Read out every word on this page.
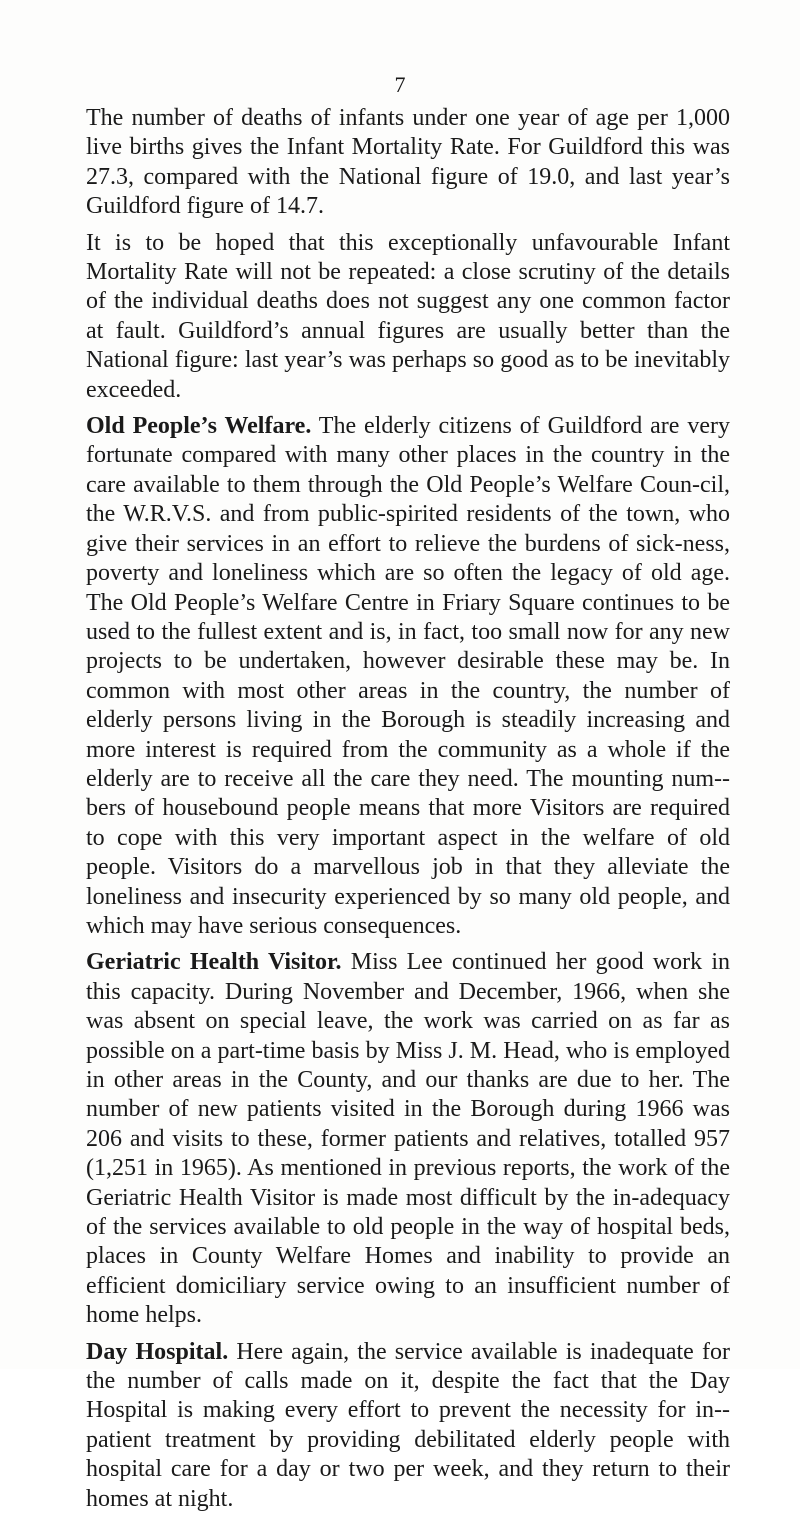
7

The number of deaths of infants under one year of age per 1,000 live births gives the Infant Mortality Rate. For Guildford this was 27.3, compared with the National figure of 19.0, and last year’s Guildford figure of 14.7.

It is to be hoped that this exceptionally unfavourable Infant Mortality Rate will not be repeated: a close scrutiny of the details of the individual deaths does not suggest any one common factor at fault. Guildford’s annual figures are usually better than the National figure: last year’s was perhaps so good as to be inevitably exceeded.

Old People’s Welfare. The elderly citizens of Guildford are very fortunate compared with many other places in the country in the care available to them through the Old People’s Welfare Coun-cil, the W.R.V.S. and from public-spirited residents of the town, who give their services in an effort to relieve the burdens of sick-ness, poverty and loneliness which are so often the legacy of old age. The Old People’s Welfare Centre in Friary Square continues to be used to the fullest extent and is, in fact, too small now for any new projects to be undertaken, however desirable these may be. In common with most other areas in the country, the number of elderly persons living in the Borough is steadily increasing and more interest is required from the community as a whole if the elderly are to receive all the care they need. The mounting num-bers of housebound people means that more Visitors are required to cope with this very important aspect in the welfare of old people. Visitors do a marvellous job in that they alleviate the loneliness and insecurity experienced by so many old people, and which may have serious consequences.

Geriatric Health Visitor. Miss Lee continued her good work in this capacity. During November and December, 1966, when she was absent on special leave, the work was carried on as far as possible on a part-time basis by Miss J. M. Head, who is employed in other areas in the County, and our thanks are due to her. The number of new patients visited in the Borough during 1966 was 206 and visits to these, former patients and relatives, totalled 957 (1,251 in 1965). As mentioned in previous reports, the work of the Geriatric Health Visitor is made most difficult by the in-adequacy of the services available to old people in the way of hospital beds, places in County Welfare Homes and inability to provide an efficient domiciliary service owing to an insufficient number of home helps.

Day Hospital. Here again, the service available is inadequate for the number of calls made on it, despite the fact that the Day Hospital is making every effort to prevent the necessity for in-patient treatment by providing debilitated elderly people with hospital care for a day or two per week, and they return to their homes at night.
